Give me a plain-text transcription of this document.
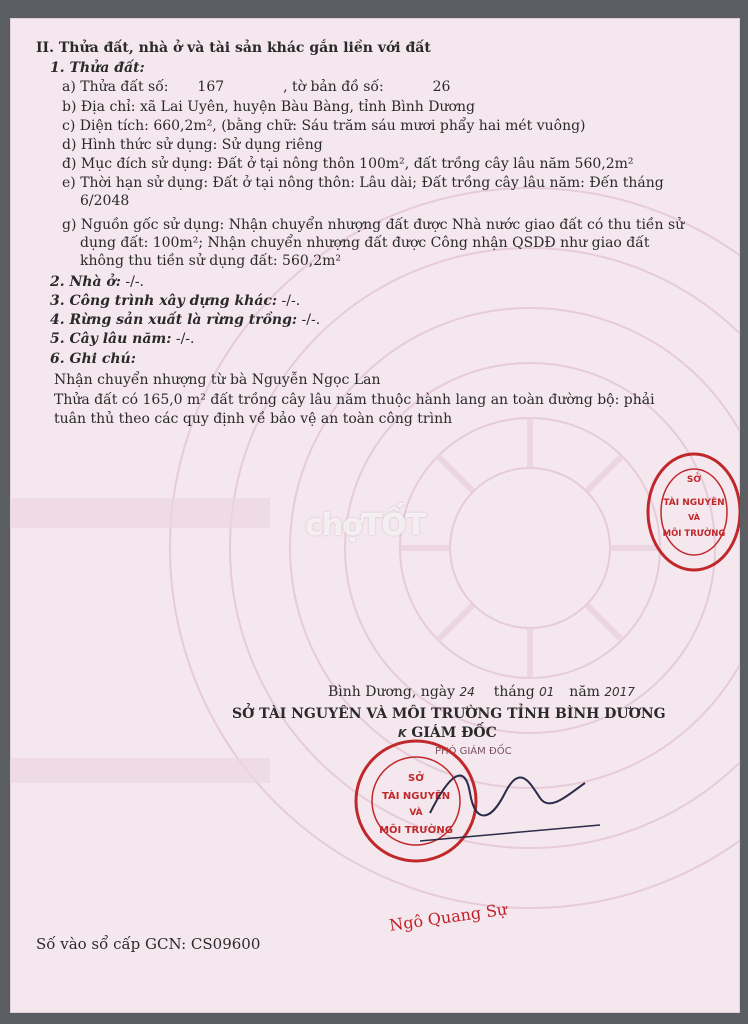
II. Thửa đất, nhà ở và tài sản khác gắn liền với đất
1. Thửa đất:
a) Thửa đất số: 167	, tờ bản đồ số:	26
b) Địa chỉ: xã Lai Uyên, huyện Bàu Bàng, tỉnh Bình Dương
c) Diện tích: 660,2m², (bằng chữ: Sáu trăm sáu mươi phẩy hai mét vuông)
d) Hình thức sử dụng: Sử dụng riêng
đ) Mục đích sử dụng: Đất ở tại nông thôn 100m², đất trồng cây lâu năm 560,2m²
e) Thời hạn sử dụng: Đất ở tại nông thôn: Lâu dài; Đất trồng cây lâu năm: Đến tháng
6/2048
g) Nguồn gốc sử dụng: Nhận chuyển nhượng đất được Nhà nước giao đất có thu tiền sử
dụng đất: 100m²; Nhận chuyển nhượng đất được Công nhận QSDĐ như giao đất
không thu tiền sử dụng đất: 560,2m²
2. Nhà ở: -/-.
3. Công trình xây dựng khác: -/-.
4. Rừng sản xuất là rừng trồng: -/-.
5. Cây lâu năm: -/-.
6. Ghi chú:
Nhận chuyển nhượng từ bà Nguyễn Ngọc Lan
Thửa đất có 165,0 m² đất trồng cây lâu năm thuộc hành lang an toàn đường bộ: phải
tuân thủ theo các quy định về bảo vệ an toàn công trình
chợTỐT
SỞ
TÀI NGUYÊN
VÀ
MÔI TRƯỜNG
Bình Dương, ngày 24 tháng 01 năm 2017
SỞ TÀI NGUYÊN VÀ MÔI TRƯỜNG TỈNH BÌNH DƯƠNG
K GIÁM ĐỐC
PHÓ GIÁM ĐỐC
SỞ
TÀI NGUYÊN
VÀ
MÔI TRƯỜNG
Ngô Quang Sự
Số vào sổ cấp GCN: CS09600
